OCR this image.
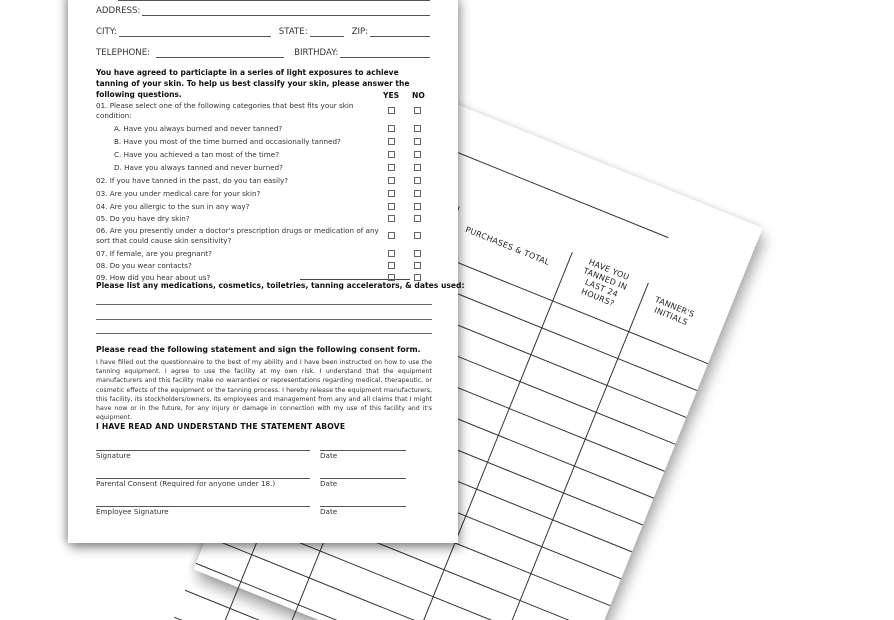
PURCHASES & TOTAL
HAVE YOU TANNED IN LAST 24 HOURS?	TANNER'S INITIALS
ADDRESS:
CITY:	STATE:	ZIP:
TELEPHONE:	BIRTHDAY:
You have agreed to particiapte in a series of light exposures to achieve tanning of your skin. To help us best classify your skin, please answer the following questions.	YES NO
01. Please select one of the following categories that best fits your skin condition:
A. Have you always burned and never tanned?
B. Have you most of the time burned and occasionally tanned?
C. Have you achieved a tan most of the time?
D. Have you always tanned and never burned?
02. If you have tanned in the past, do you tan easily?
03. Are you under medical care for your skin?
04. Are you allergic to the sun in any way?
05. Do you have dry skin?
06. Are you presently under a doctor's prescription drugs or medication of any sort that could cause skin sensitivity?
07. If female, are you pregnant?
08. Do you wear contacts?
09. How did you hear about us?
Please list any medications, cosmetics, toiletries, tanning accelerators, & dates used:
Please read the following statement and sign the following consent form.
I have filled out the questionnaire to the best of my ability and I have been instructed on how to use the tanning equipment. I agree to use the facility at my own risk. I understand that the equipment manufacturers and this facility make no warranties or representations regarding medical, therapeutic, or cosmetic effects of the equipment or the tanning process. I hereby release the equipment manufacturers, this facility, its stockholders/owners, its employees and management from any and all claims that I might have now or in the future, for any injury or damage in connection with my use of this facility and it's equipment.
I HAVE READ AND UNDERSTAND THE STATEMENT ABOVE
Signature	Date
Parental Consent (Required for anyone under 18.)	Date
Employee Signature	Date
